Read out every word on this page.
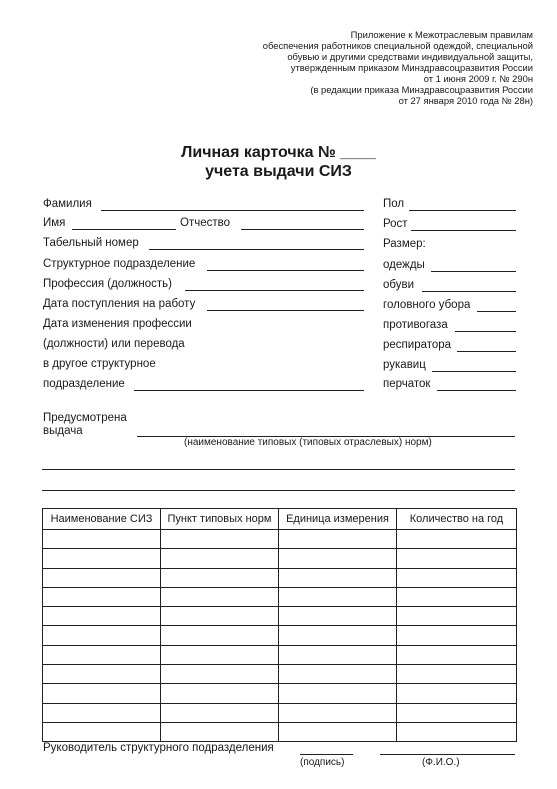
Приложение к Межотраслевым правилам
обеспечения работников специальной одеждой, специальной
обувью и другими средствами индивидуальной защиты,
утвержденным приказом Минздравсоцразвития России
от 1 июня 2009 г. № 290н
(в редакции приказа Минздравсоцразвития России
от 27 января 2010 года № 28н)
Личная карточка № ____
учета выдачи СИЗ
Фамилия
Имя	Отчество
Табельный номер
Структурное подразделение
Профессия (должность)
Дата поступления на работу
Дата изменения профессии
(должности) или перевода
в другое структурное
подразделение
Пол
Рост
Размер:
одежды
обуви
головного убора
противогаза
респиратора
рукавиц
перчаток
Предусмотрена
выдача
(наименование типовых (типовых отраслевых) норм)
Наименование СИЗ	Пункт типовых норм	Единица измерения	Количество на год

Руководитель структурного подразделения
(подпись)	(Ф.И.О.)
